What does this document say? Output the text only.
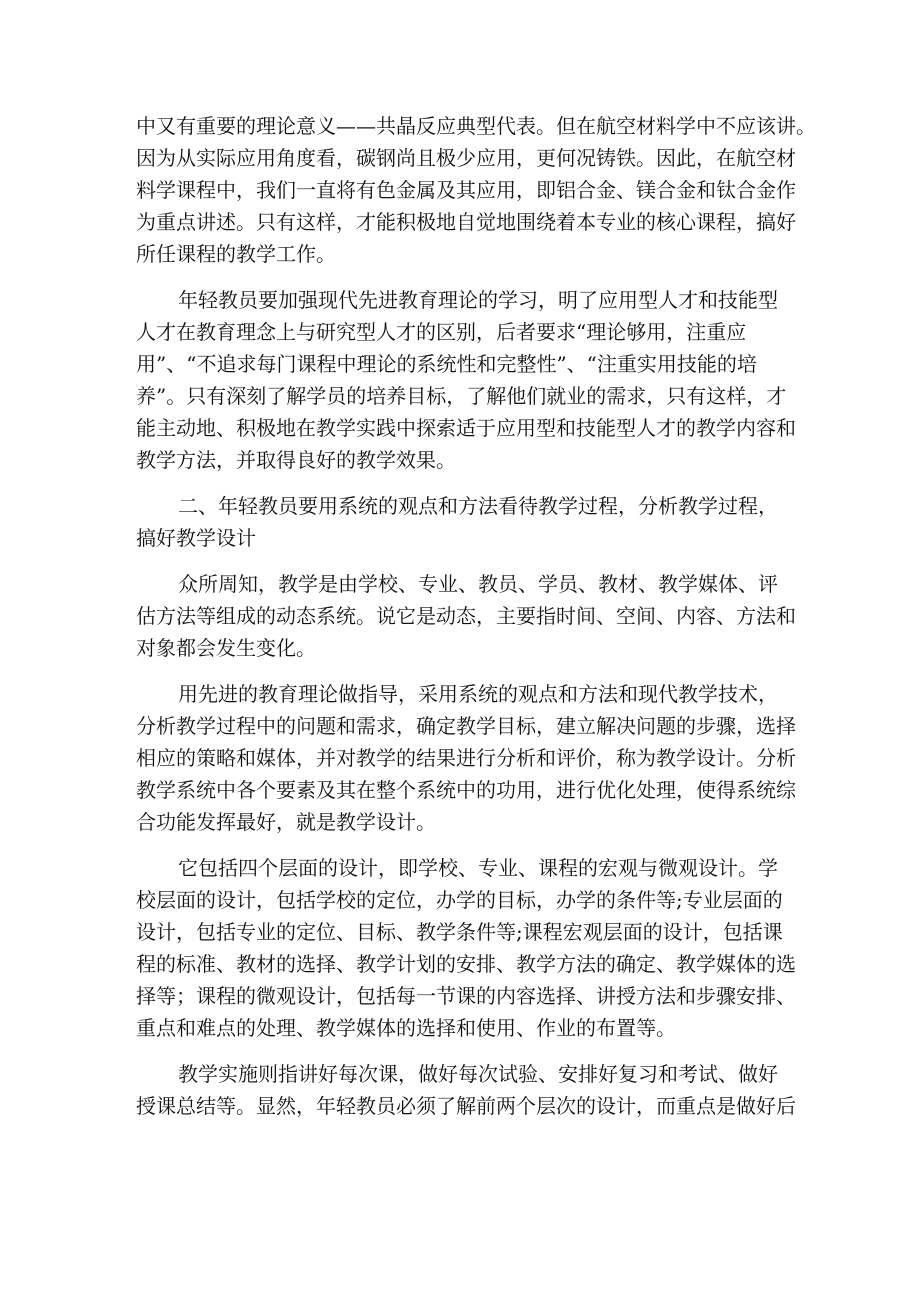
中又有重要的理论意义——共晶反应典型代表。但在航空材料学中不应该讲。
因为从实际应用角度看，碳钢尚且极少应用，更何况铸铁。因此，在航空材
料学课程中，我们一直将有色金属及其应用，即铝合金、镁合金和钛合金作
为重点讲述。只有这样，才能积极地自觉地围绕着本专业的核心课程，搞好
所任课程的教学工作。

年轻教员要加强现代先进教育理论的学习，明了应用型人才和技能型
人才在教育理念上与研究型人才的区别，后者要求“理论够用，注重应
用”、“不追求每门课程中理论的系统性和完整性”、“注重实用技能的培
养”。只有深刻了解学员的培养目标，了解他们就业的需求，只有这样，才
能主动地、积极地在教学实践中探索适于应用型和技能型人才的教学内容和
教学方法，并取得良好的教学效果。

二、年轻教员要用系统的观点和方法看待教学过程，分析教学过程，
搞好教学设计

众所周知，教学是由学校、专业、教员、学员、教材、教学媒体、评
估方法等组成的动态系统。说它是动态，主要指时间、空间、内容、方法和
对象都会发生变化。

用先进的教育理论做指导，采用系统的观点和方法和现代教学技术，
分析教学过程中的问题和需求，确定教学目标，建立解决问题的步骤，选择
相应的策略和媒体，并对教学的结果进行分析和评价，称为教学设计。分析
教学系统中各个要素及其在整个系统中的功用，进行优化处理，使得系统综
合功能发挥最好，就是教学设计。

它包括四个层面的设计，即学校、专业、课程的宏观与微观设计。学
校层面的设计，包括学校的定位，办学的目标，办学的条件等;专业层面的
设计，包括专业的定位、目标、教学条件等;课程宏观层面的设计，包括课
程的标准、教材的选择、教学计划的安排、教学方法的确定、教学媒体的选
择等；课程的微观设计，包括每一节课的内容选择、讲授方法和步骤安排、
重点和难点的处理、教学媒体的选择和使用、作业的布置等。

教学实施则指讲好每次课，做好每次试验、安排好复习和考试、做好
授课总结等。显然，年轻教员必须了解前两个层次的设计，而重点是做好后
